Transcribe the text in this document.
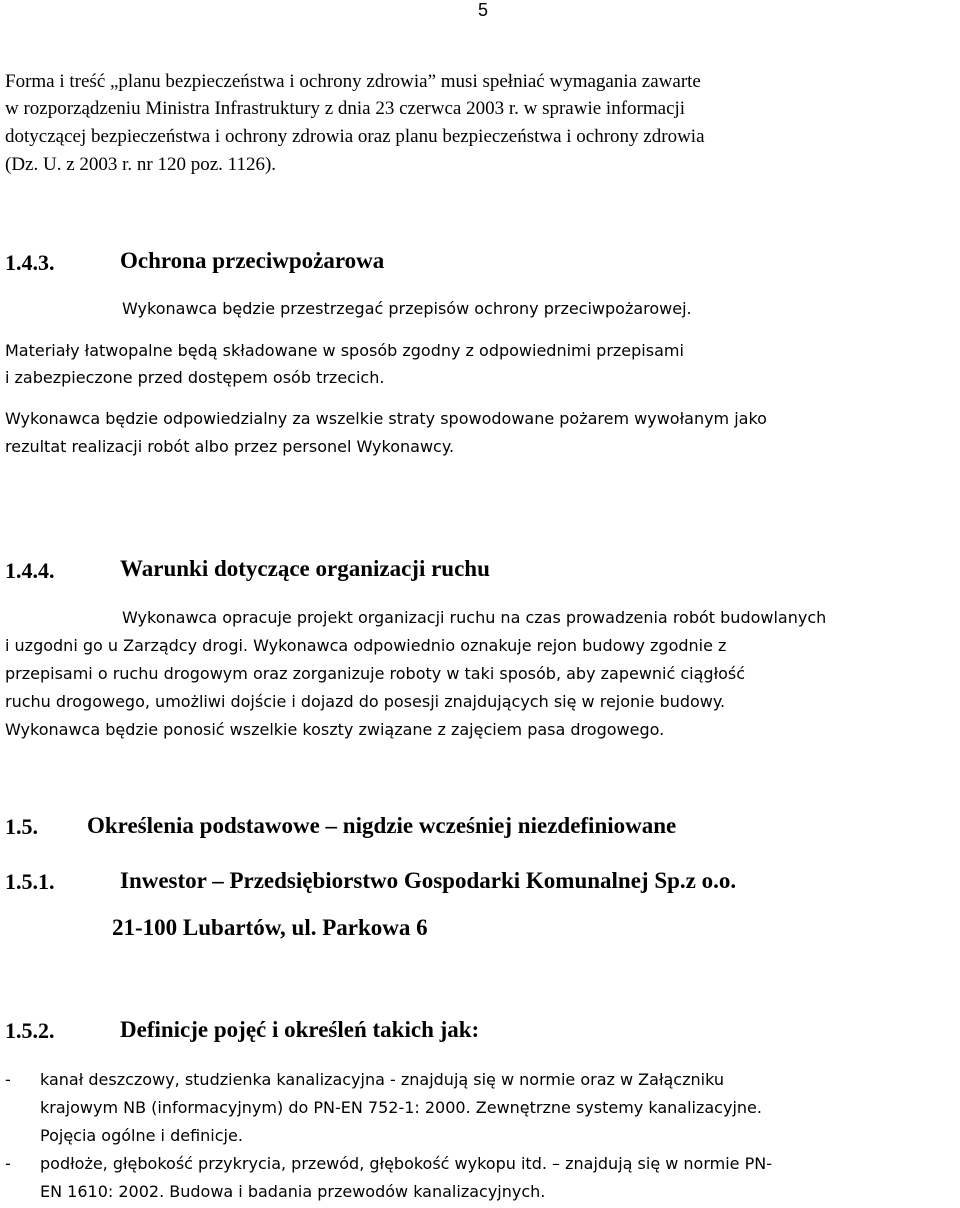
5
Forma i treść „planu bezpieczeństwa i ochrony zdrowia” musi spełniać wymagania zawarte
w rozporządzeniu Ministra Infrastruktury z dnia 23 czerwca 2003 r. w sprawie informacji
dotyczącej bezpieczeństwa i ochrony zdrowia oraz planu bezpieczeństwa i ochrony zdrowia
(Dz. U. z 2003 r. nr 120 poz. 1126).
1.4.3.	Ochrona przeciwpożarowa
Wykonawca będzie przestrzegać przepisów ochrony przeciwpożarowej.
Materiały łatwopalne będą składowane w sposób zgodny z odpowiednimi przepisami
i zabezpieczone przed dostępem osób trzecich.
Wykonawca będzie odpowiedzialny za wszelkie straty spowodowane pożarem wywołanym jako
rezultat realizacji robót albo przez personel Wykonawcy.
1.4.4.	Warunki dotyczące organizacji ruchu
Wykonawca opracuje projekt organizacji ruchu na czas prowadzenia robót budowlanych
i uzgodni go u Zarządcy drogi. Wykonawca odpowiednio oznakuje rejon budowy zgodnie z
przepisami o ruchu drogowym oraz zorganizuje roboty w taki sposób, aby zapewnić ciągłość
ruchu drogowego, umożliwi dojście i dojazd do posesji znajdujących się w rejonie budowy.
Wykonawca będzie ponosić wszelkie koszty związane z zajęciem pasa drogowego.
1.5. Określenia podstawowe – nigdzie wcześniej niezdefiniowane
1.5.1.	Inwestor – Przedsiębiorstwo Gospodarki Komunalnej Sp.z o.o.
21-100 Lubartów, ul. Parkowa 6
1.5.2.	Definicje pojęć i określeń takich jak:
- kanał deszczowy, studzienka kanalizacyjna - znajdują się w normie oraz w Załączniku
krajowym NB (informacyjnym) do PN-EN 752-1: 2000. Zewnętrzne systemy kanalizacyjne.
Pojęcia ogólne i definicje.
- podłoże, głębokość przykrycia, przewód, głębokość wykopu itd. – znajdują się w normie PN-
EN 1610: 2002. Budowa i badania przewodów kanalizacyjnych.
